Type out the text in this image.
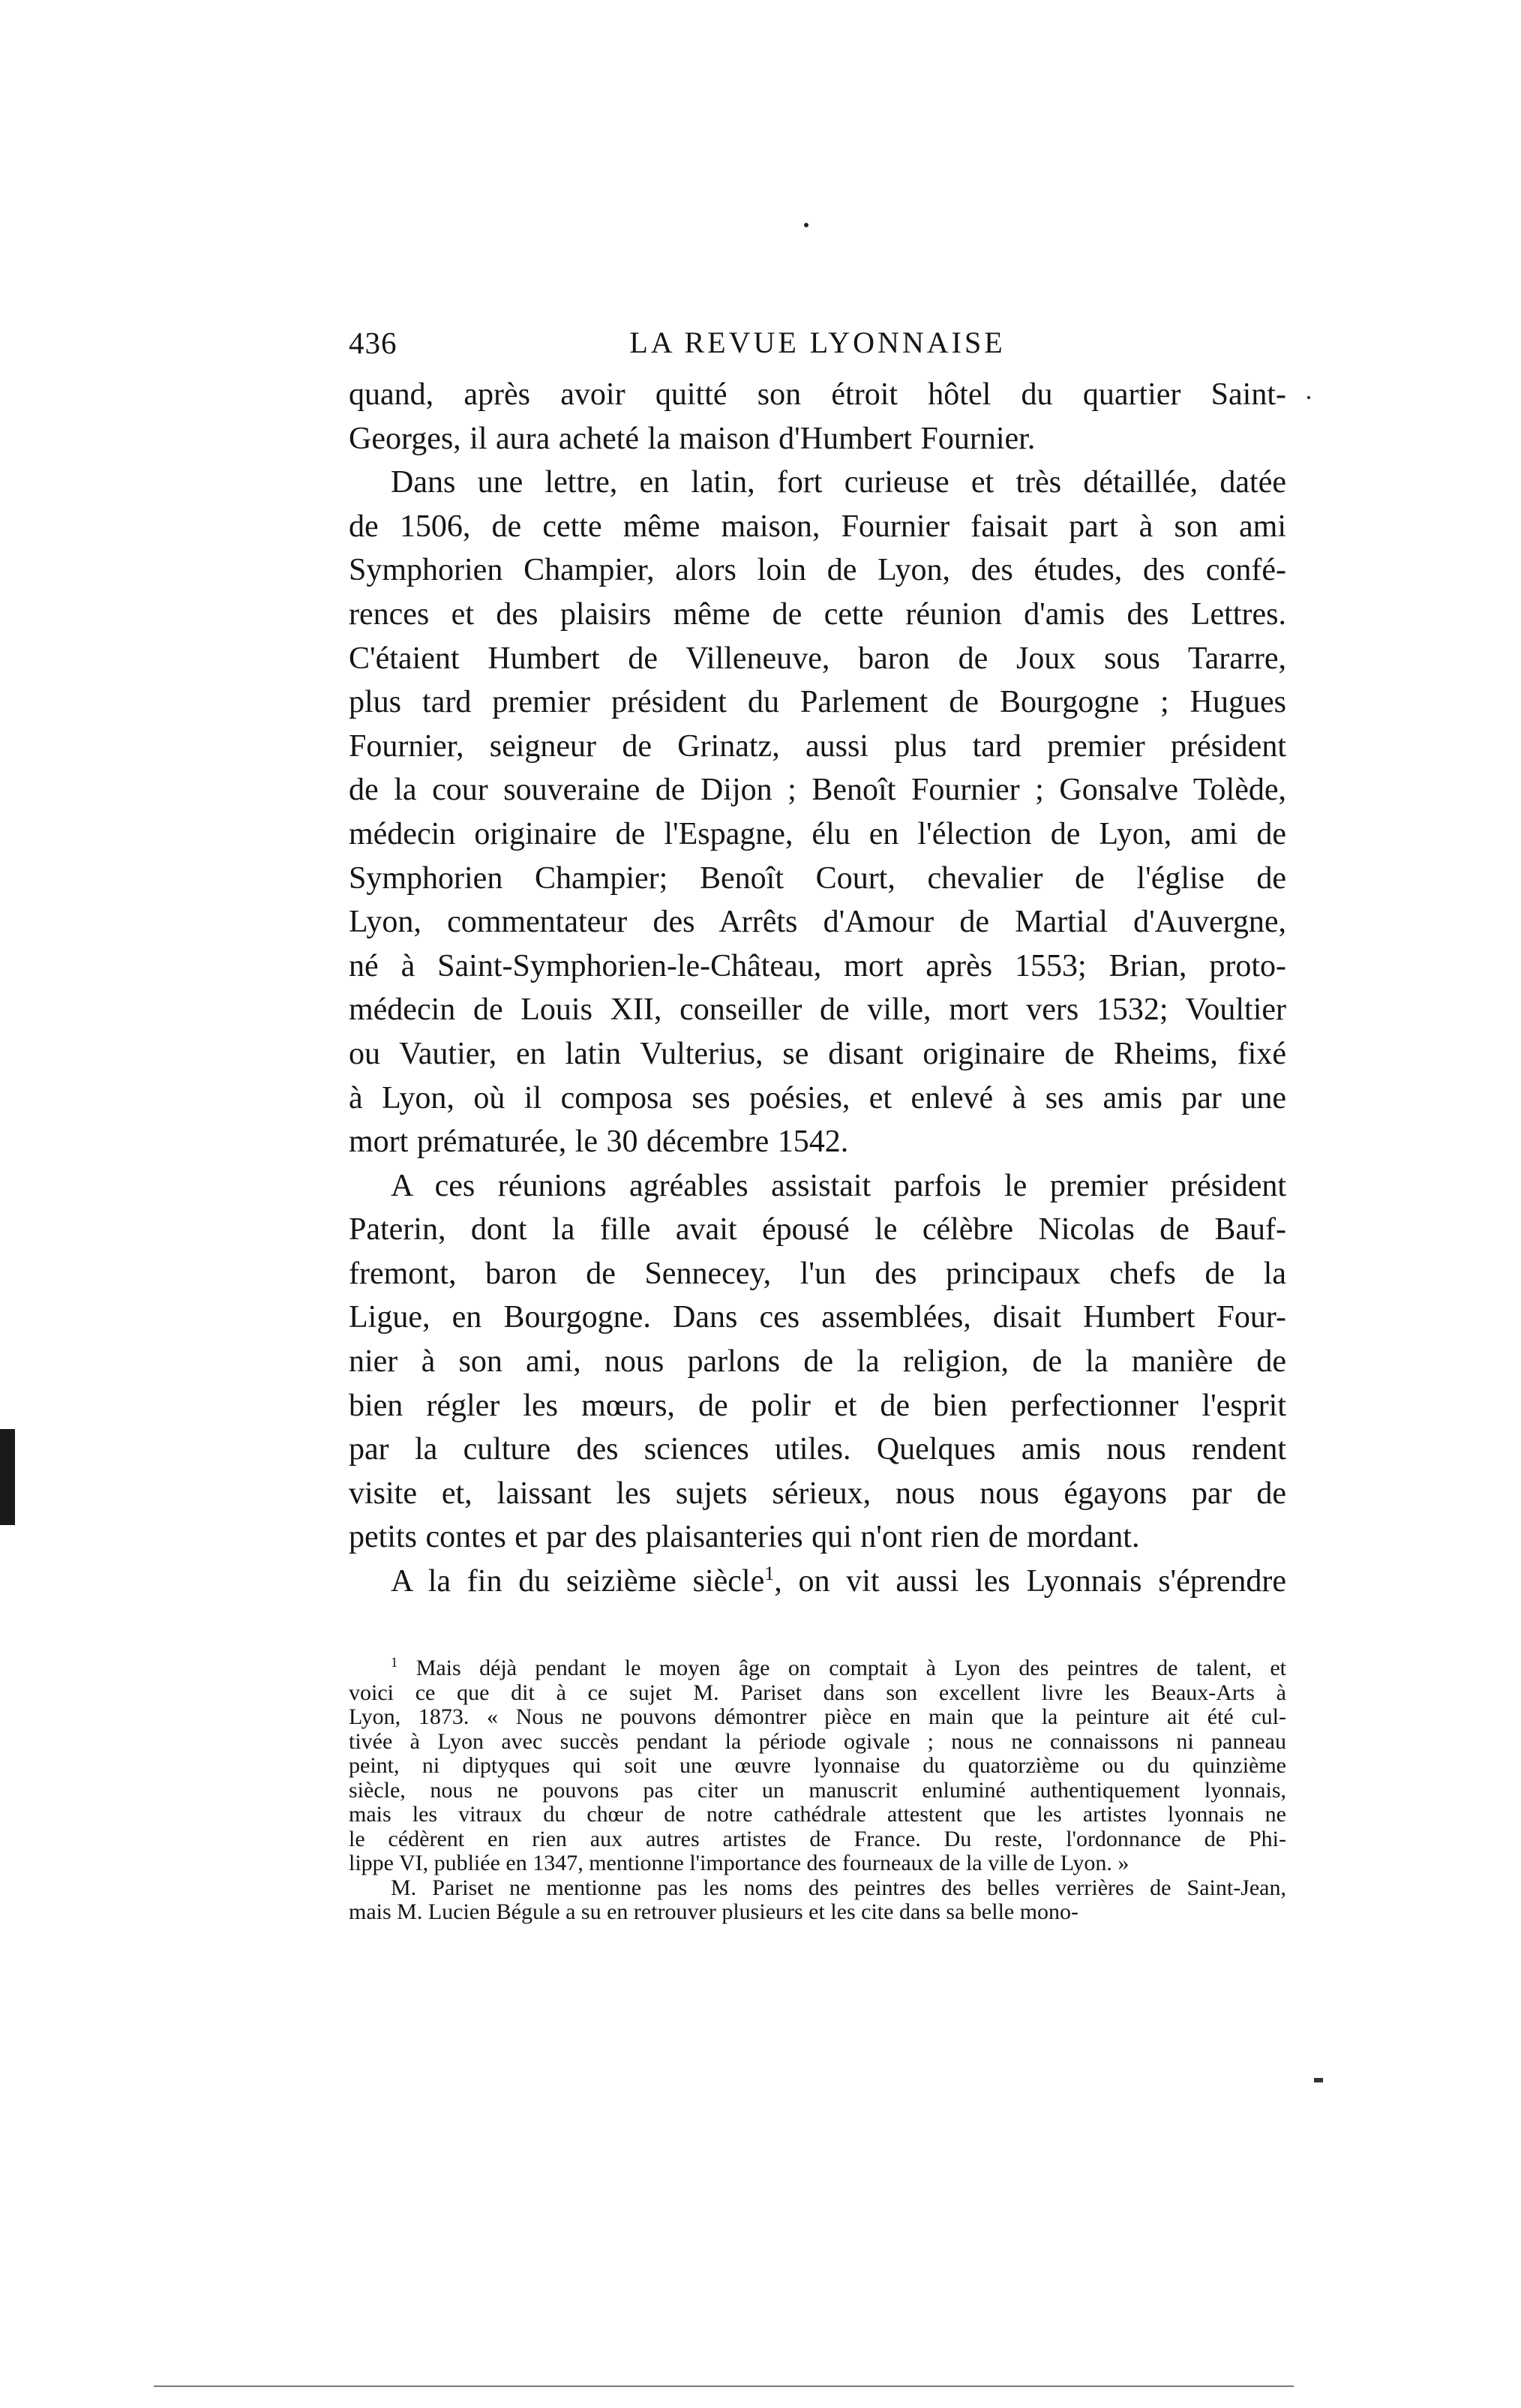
436	LA REVUE LYONNAISE
quand, après avoir quitté son étroit hôtel du quartier Saint-
Georges, il aura acheté la maison d'Humbert Fournier.
Dans une lettre, en latin, fort curieuse et très détaillée, datée
de 1506, de cette même maison, Fournier faisait part à son ami
Symphorien Champier, alors loin de Lyon, des études, des confé-
rences et des plaisirs même de cette réunion d'amis des Lettres.
C'étaient Humbert de Villeneuve, baron de Joux sous Tararre,
plus tard premier président du Parlement de Bourgogne ; Hugues
Fournier, seigneur de Grinatz, aussi plus tard premier président
de la cour souveraine de Dijon ; Benoît Fournier ; Gonsalve Tolède,
médecin originaire de l'Espagne, élu en l'élection de Lyon, ami de
Symphorien Champier; Benoît Court, chevalier de l'église de
Lyon, commentateur des Arrêts d'Amour de Martial d'Auvergne,
né à Saint-Symphorien-le-Château, mort après 1553; Brian, proto-
médecin de Louis XII, conseiller de ville, mort vers 1532; Voultier
ou Vautier, en latin Vulterius, se disant originaire de Rheims, fixé
à Lyon, où il composa ses poésies, et enlevé à ses amis par une
mort prématurée, le 30 décembre 1542.
A ces réunions agréables assistait parfois le premier président
Paterin, dont la fille avait épousé le célèbre Nicolas de Bauf-
fremont, baron de Sennecey, l'un des principaux chefs de la
Ligue, en Bourgogne. Dans ces assemblées, disait Humbert Four-
nier à son ami, nous parlons de la religion, de la manière de
bien régler les mœurs, de polir et de bien perfectionner l'esprit
par la culture des sciences utiles. Quelques amis nous rendent
visite et, laissant les sujets sérieux, nous nous égayons par de
petits contes et par des plaisanteries qui n'ont rien de mordant.
A la fin du seizième siècle$^1$, on vit aussi les Lyonnais s'éprendre
$^1$ Mais déjà pendant le moyen âge on comptait à Lyon des peintres de talent, et
voici ce que dit à ce sujet M. Pariset dans son excellent livre les Beaux-Arts à
Lyon, 1873. « Nous ne pouvons démontrer pièce en main que la peinture ait été cul-
tivée à Lyon avec succès pendant la période ogivale ; nous ne connaissons ni panneau
peint, ni diptyques qui soit une œuvre lyonnaise du quatorzième ou du quinzième
siècle, nous ne pouvons pas citer un manuscrit enluminé authentiquement lyonnais,
mais les vitraux du chœur de notre cathédrale attestent que les artistes lyonnais ne
le cédèrent en rien aux autres artistes de France. Du reste, l'ordonnance de Phi-
lippe VI, publiée en 1347, mentionne l'importance des fourneaux de la ville de Lyon. »
M. Pariset ne mentionne pas les noms des peintres des belles verrières de Saint-Jean,
mais M. Lucien Bégule a su en retrouver plusieurs et les cite dans sa belle mono-
